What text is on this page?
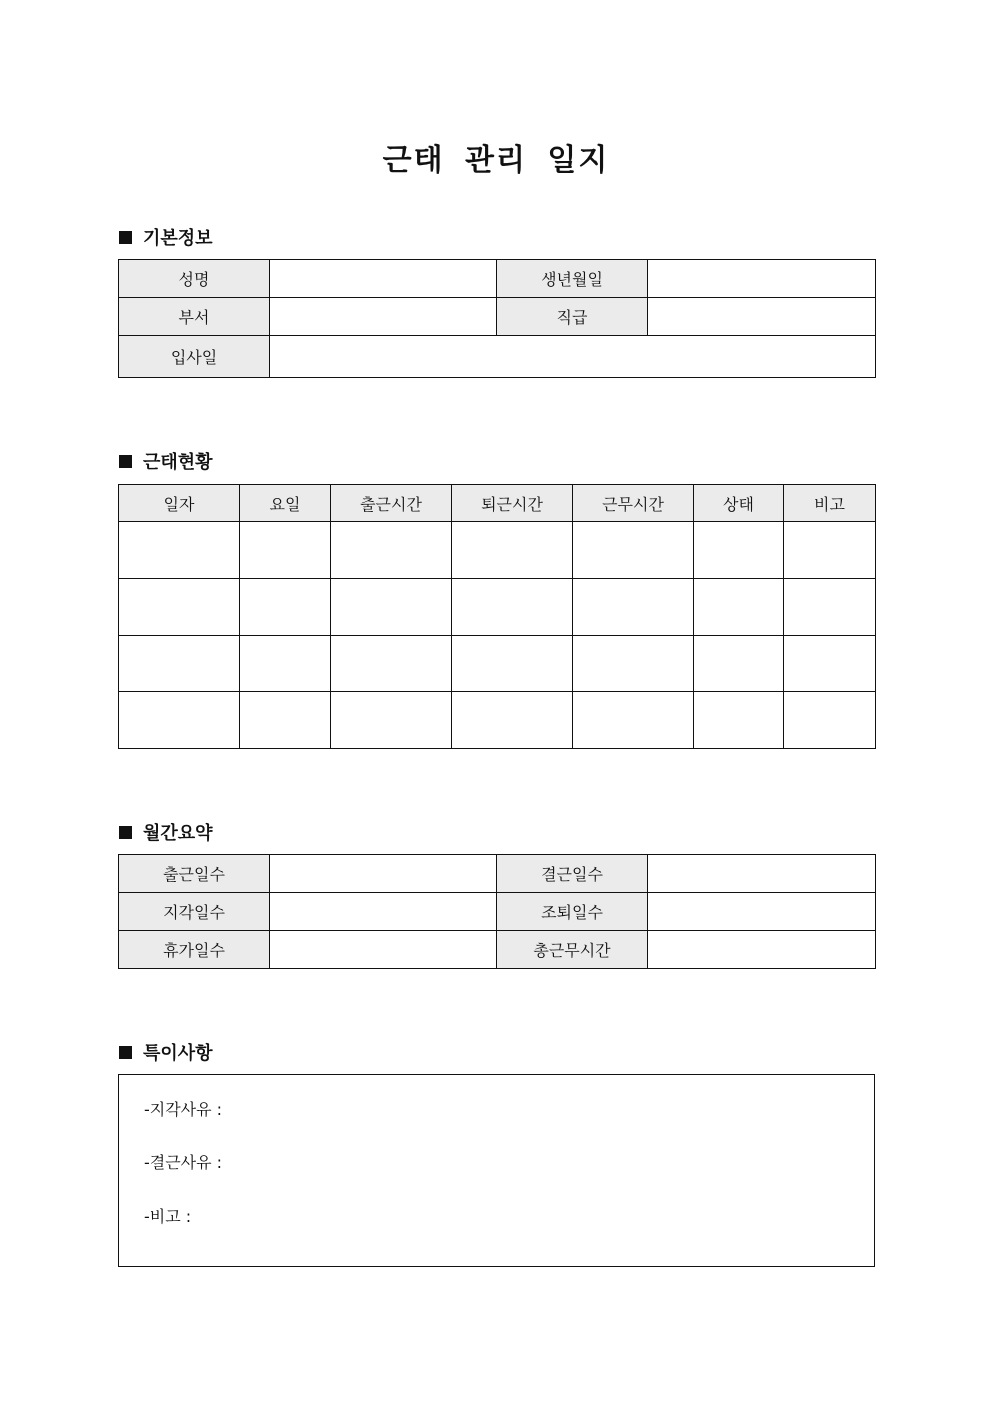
근태 관리 일지
기본정보
성명		생년월일	
부서		직급	
입사일			
근태현황
일자	요일	출근시간	퇴근시간	근무시간	상태	비고

월간요약
출근일수		결근일수	
지각일수		조퇴일수	
휴가일수		총근무시간	
특이사항
-지각사유 :
-결근사유 :
-비고 :
